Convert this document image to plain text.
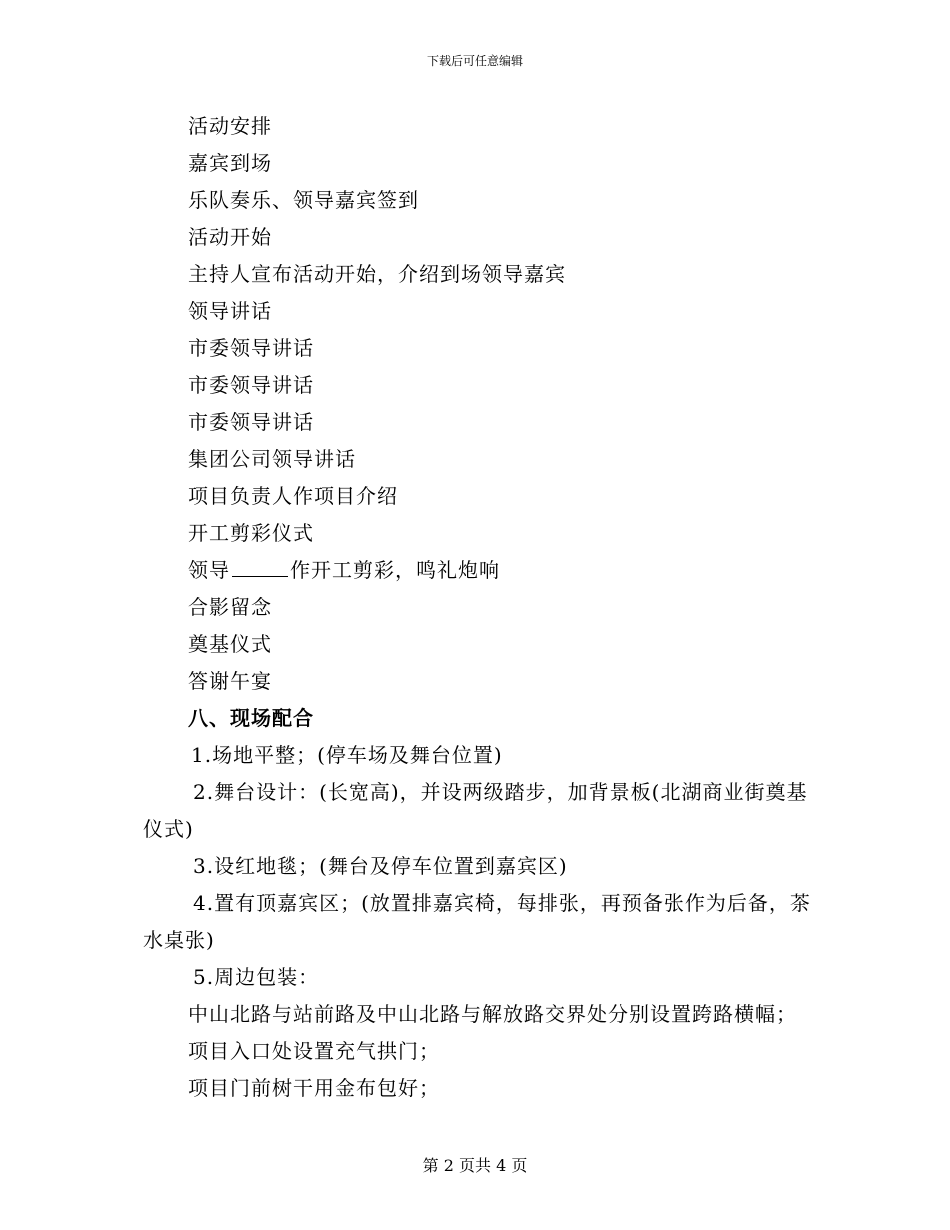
下载后可任意编辑
活动安排
嘉宾到场
乐队奏乐、领导嘉宾签到
活动开始
主持人宣布活动开始，介绍到场领导嘉宾
领导讲话
市委领导讲话
市委领导讲话
市委领导讲话
集团公司领导讲话
项目负责人作项目介绍
开工剪彩仪式
领导	作开工剪彩，鸣礼炮响
合影留念
奠基仪式
答谢午宴
八、现场配合
1.场地平整；(停车场及舞台位置)
2.舞台设计：(长宽高)，并设两级踏步，加背景板(北湖商业街奠基仪式)
3.设红地毯；(舞台及停车位置到嘉宾区)
4.置有顶嘉宾区；(放置排嘉宾椅，每排张，再预备张作为后备，茶水桌张)
5.周边包装：
中山北路与站前路及中山北路与解放路交界处分别设置跨路横幅；
项目入口处设置充气拱门；
项目门前树干用金布包好；
第 2 页共 4 页
